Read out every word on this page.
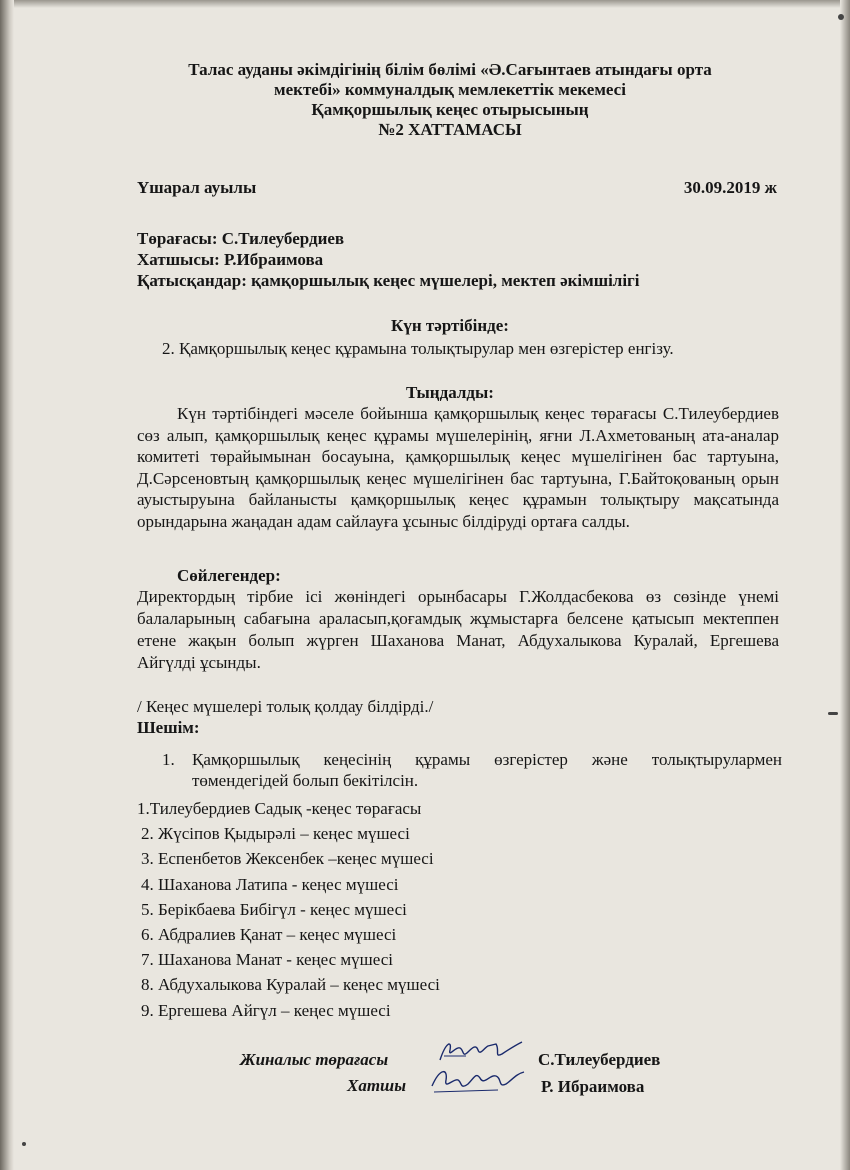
Талас ауданы әкімдігінің білім бөлімі «Ә.Сағынтаев атындағы орта
мектебі» коммуналдық мемлекеттік мекемесі
Қамқоршылық кеңес отырысының
№2 ХАТТАМАСЫ
Үшарал ауылы	30.09.2019 ж
Төрағасы: С.Тилеубердиев
Хатшысы: Р.Ибраимова
Қатысқандар: қамқоршылық кеңес мүшелері, мектеп әкімшілігі
Күн тәртібінде:
2. Қамқоршылық кеңес құрамына толықтырулар мен өзгерістер енгізу.
Тыңдалды:
Күн тәртібіндегі мәселе бойынша қамқоршылық кеңес төрағасы С.Тилеубердиев сөз алып, қамқоршылық кеңес құрамы мүшелерінің, яғни Л.Ахметованың ата-аналар комитеті төрайымынан босауына, қамқоршылық кеңес мүшелігінен бас тартуына, Д.Сәрсеновтың қамқоршылық кеңес мүшелігінен бас тартуына, Г.Байтоқованың орын ауыстыруына байланысты қамқоршылық кеңес құрамын толықтыру мақсатында орындарына жаңадан адам сайлауға ұсыныс білдіруді ортаға салды.
Сөйлегендер:
Директордың тірбие ісі жөніндегі орынбасары Г.Жолдасбекова өз сөзінде үнемі балаларының сабағына араласып,қоғамдық жұмыстарға белсене қатысып мектеппен етене жақын болып жүрген Шаханова Манат, Абдухалыкова Куралай, Ергешева Айгүлді ұсынды.
/ Кеңес мүшелері толық қолдау білдірді./
Шешім:
1.	Қамқоршылық кеңесінің құрамы өзгерістер және толықтырулармен төмендегідей болып бекітілсін.
1.Тилеубердиев Садық -кеңес төрағасы
2. Жүсіпов Қыдырәлі – кеңес мүшесі
3. Еспенбетов Жексенбек –кеңес мүшесі
4. Шаханова Латипа - кеңес мүшесі
5. Берікбаева Бибігүл - кеңес мүшесі
6. Абдралиев Қанат – кеңес мүшесі
7. Шаханова Манат - кеңес мүшесі
8. Абдухалыкова Куралай – кеңес мүшесі
9. Ергешева Айгүл – кеңес мүшесі
Жиналыс төрағасы	С.Тилеубердиев
Хатшы	Р. Ибраимова
